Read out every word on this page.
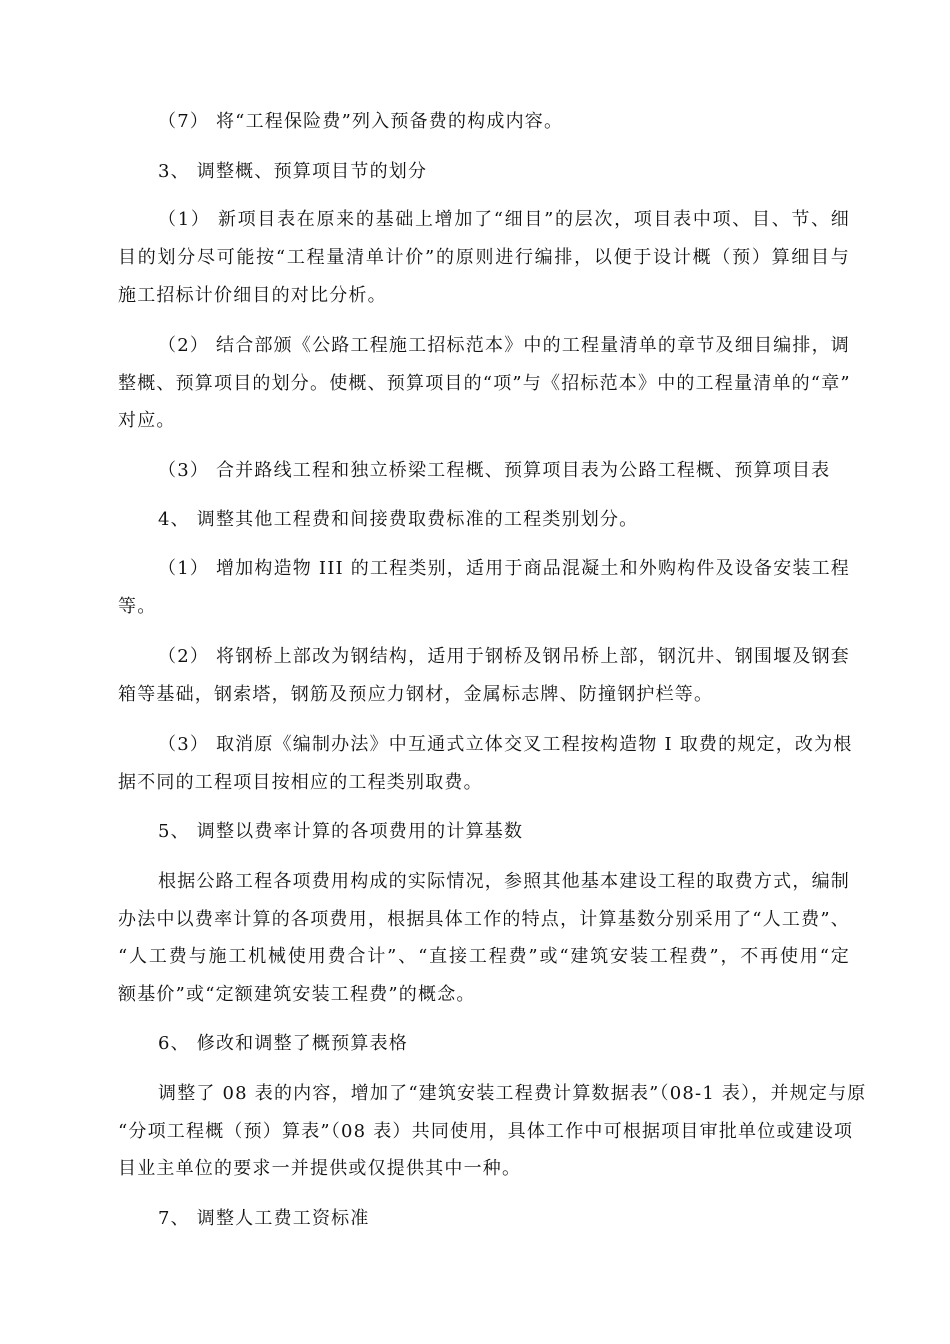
（7） 将“工程保险费”列入预备费的构成内容。
3、 调整概、预算项目节的划分
（1） 新项目表在原来的基础上增加了“细目”的层次，项目表中项、目、节、细
目的划分尽可能按“工程量清单计价”的原则进行编排，以便于设计概（预）算细目与
施工招标计价细目的对比分析。
（2） 结合部颁《公路工程施工招标范本》中的工程量清单的章节及细目编排，调
整概、预算项目的划分。使概、预算项目的“项”与《招标范本》中的工程量清单的“章”
对应。
（3） 合并路线工程和独立桥梁工程概、预算项目表为公路工程概、预算项目表
4、 调整其他工程费和间接费取费标准的工程类别划分。
（1） 增加构造物 III 的工程类别，适用于商品混凝土和外购构件及设备安装工程
等。
（2） 将钢桥上部改为钢结构，适用于钢桥及钢吊桥上部，钢沉井、钢围堰及钢套
箱等基础，钢索塔，钢筋及预应力钢材，金属标志牌、防撞钢护栏等。
（3） 取消原《编制办法》中互通式立体交叉工程按构造物 I 取费的规定，改为根
据不同的工程项目按相应的工程类别取费。
5、 调整以费率计算的各项费用的计算基数
根据公路工程各项费用构成的实际情况，参照其他基本建设工程的取费方式，编制
办法中以费率计算的各项费用，根据具体工作的特点，计算基数分别采用了“人工费”、
“人工费与施工机械使用费合计”、“直接工程费”或“建筑安装工程费”，不再使用“定
额基价”或“定额建筑安装工程费”的概念。
6、 修改和调整了概预算表格
调整了 08 表的内容，增加了“建筑安装工程费计算数据表”（08-1 表），并规定与原
“分项工程概（预）算表”（08 表）共同使用，具体工作中可根据项目审批单位或建设项
目业主单位的要求一并提供或仅提供其中一种。
7、 调整人工费工资标准
